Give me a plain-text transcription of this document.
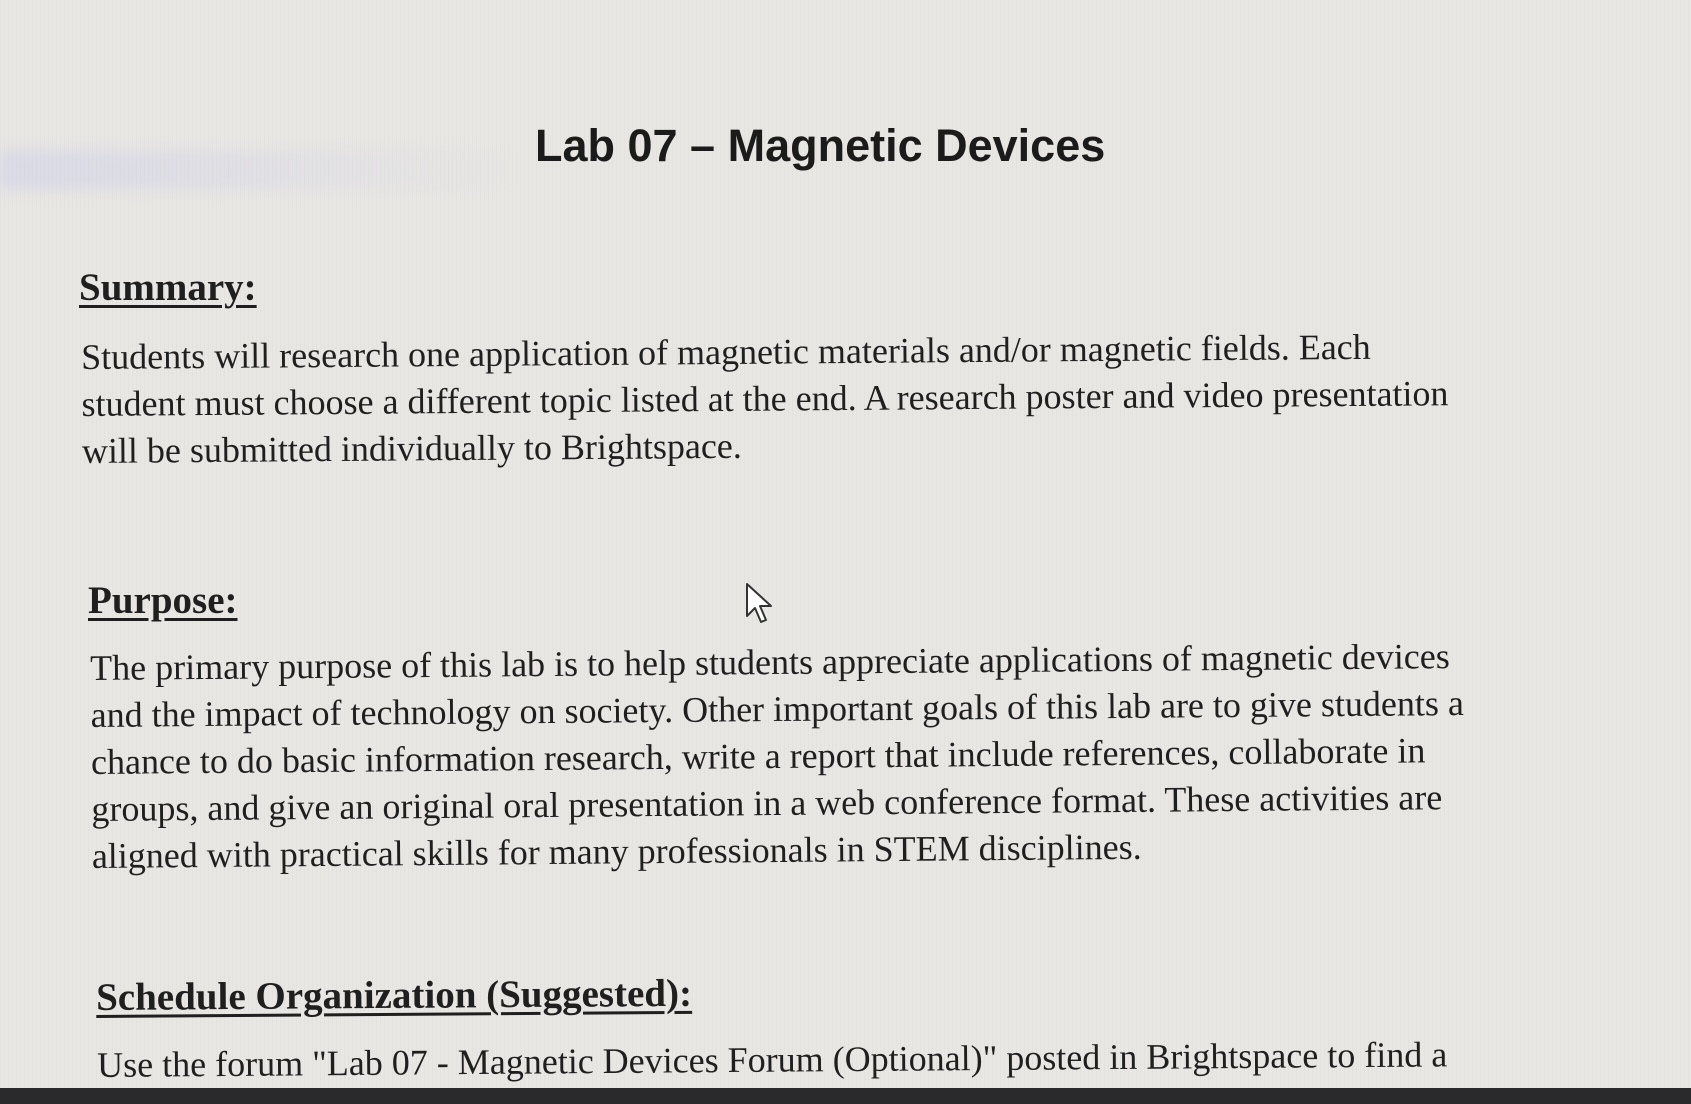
Lab 07 – Magnetic Devices
Summary:

Students will research one application of magnetic materials and/or magnetic fields. Each
student must choose a different topic listed at the end. A research poster and video presentation
will be submitted individually to Brightspace.

Purpose:

The primary purpose of this lab is to help students appreciate applications of magnetic devices
and the impact of technology on society. Other important goals of this lab are to give students a
chance to do basic information research, write a report that include references, collaborate in
groups, and give an original oral presentation in a web conference format. These activities are
aligned with practical skills for many professionals in STEM disciplines.

Schedule Organization (Suggested):

Use the forum "Lab 07 - Magnetic Devices Forum (Optional)" posted in Brightspace to find a
